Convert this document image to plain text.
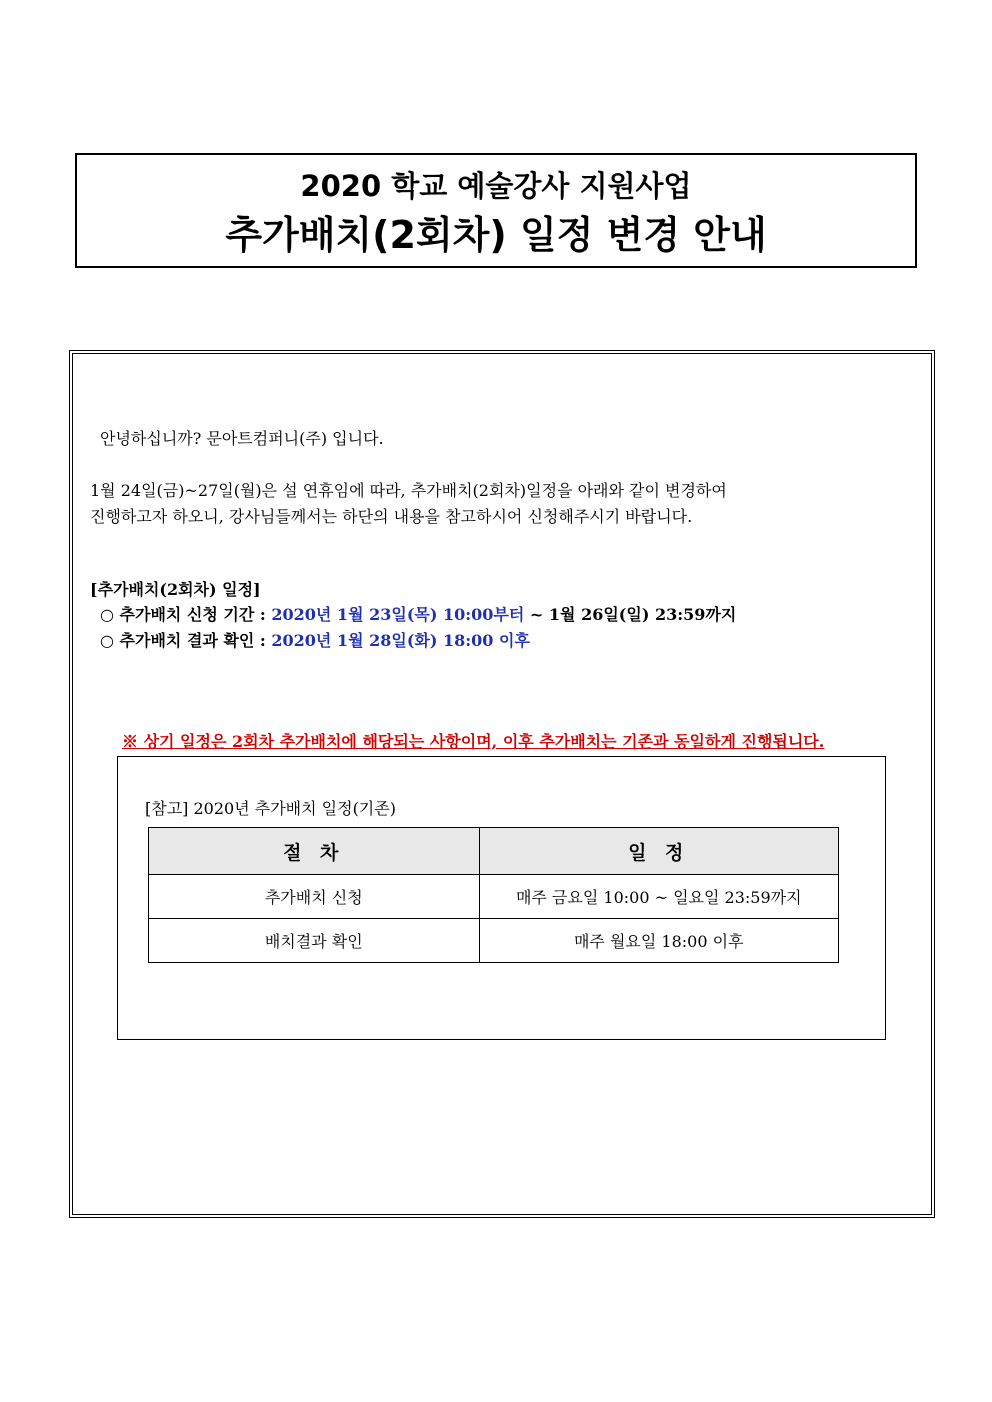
2020 학교 예술강사 지원사업
추가배치(2회차) 일정 변경 안내
안녕하십니까? 문아트컴퍼니(주) 입니다.
1월 24일(금)~27일(월)은 설 연휴임에 따라, 추가배치(2회차)일정을 아래와 같이 변경하여
진행하고자 하오니, 강사님들께서는 하단의 내용을 참고하시어 신청해주시기 바랍니다.
[추가배치(2회차) 일정]
○ 추가배치 신청 기간 : 2020년 1월 23일(목) 10:00부터 ~ 1월 26일(일) 23:59까지
○ 추가배치 결과 확인 : 2020년 1월 28일(화) 18:00 이후
※ 상기 일정은 2회차 추가배치에 해당되는 사항이며, 이후 추가배치는 기존과 동일하게 진행됩니다.
[참고] 2020년 추가배치 일정(기존)
절 차	일 정
추가배치 신청	매주 금요일 10:00 ~ 일요일 23:59까지
배치결과 확인	매주 월요일 18:00 이후
